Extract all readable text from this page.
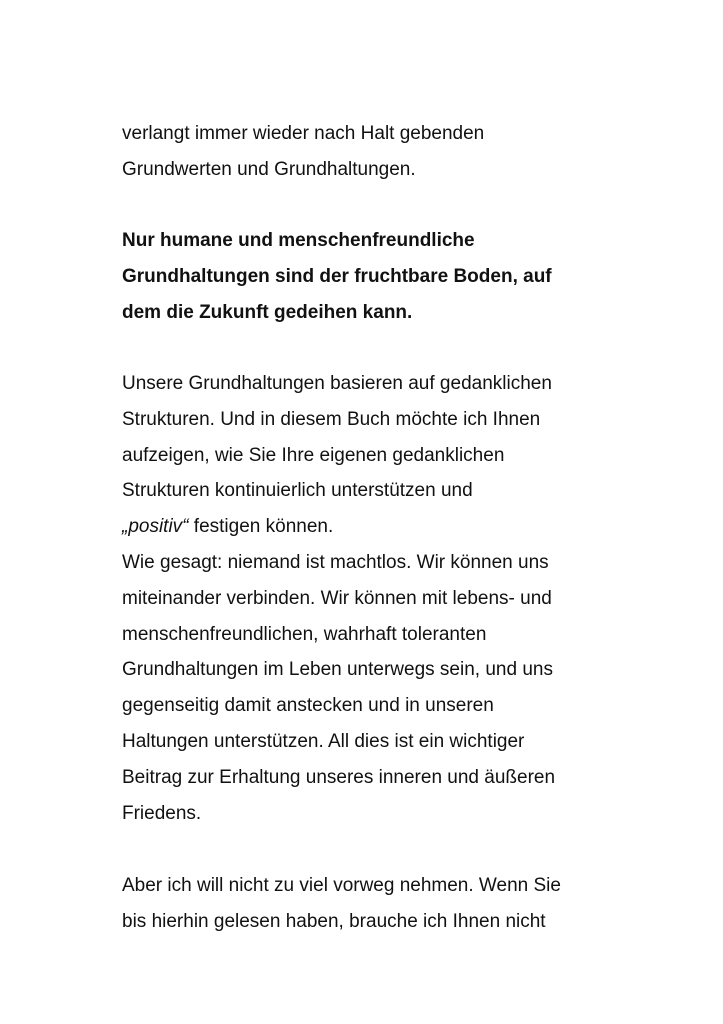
verlangt immer wieder nach Halt gebenden
Grundwerten und Grundhaltungen.

Nur humane und menschenfreundliche
Grundhaltungen sind der fruchtbare Boden, auf
dem die Zukunft gedeihen kann.

Unsere Grundhaltungen basieren auf gedanklichen
Strukturen. Und in diesem Buch möchte ich Ihnen
aufzeigen, wie Sie Ihre eigenen gedanklichen
Strukturen kontinuierlich unterstützen und
„positiv“ festigen können.
Wie gesagt: niemand ist machtlos. Wir können uns
miteinander verbinden. Wir können mit lebens- und
menschenfreundlichen, wahrhaft toleranten
Grundhaltungen im Leben unterwegs sein, und uns
gegenseitig damit anstecken und in unseren
Haltungen unterstützen. All dies ist ein wichtiger
Beitrag zur Erhaltung unseres inneren und äußeren
Friedens.

Aber ich will nicht zu viel vorweg nehmen. Wenn Sie
bis hierhin gelesen haben, brauche ich Ihnen nicht
